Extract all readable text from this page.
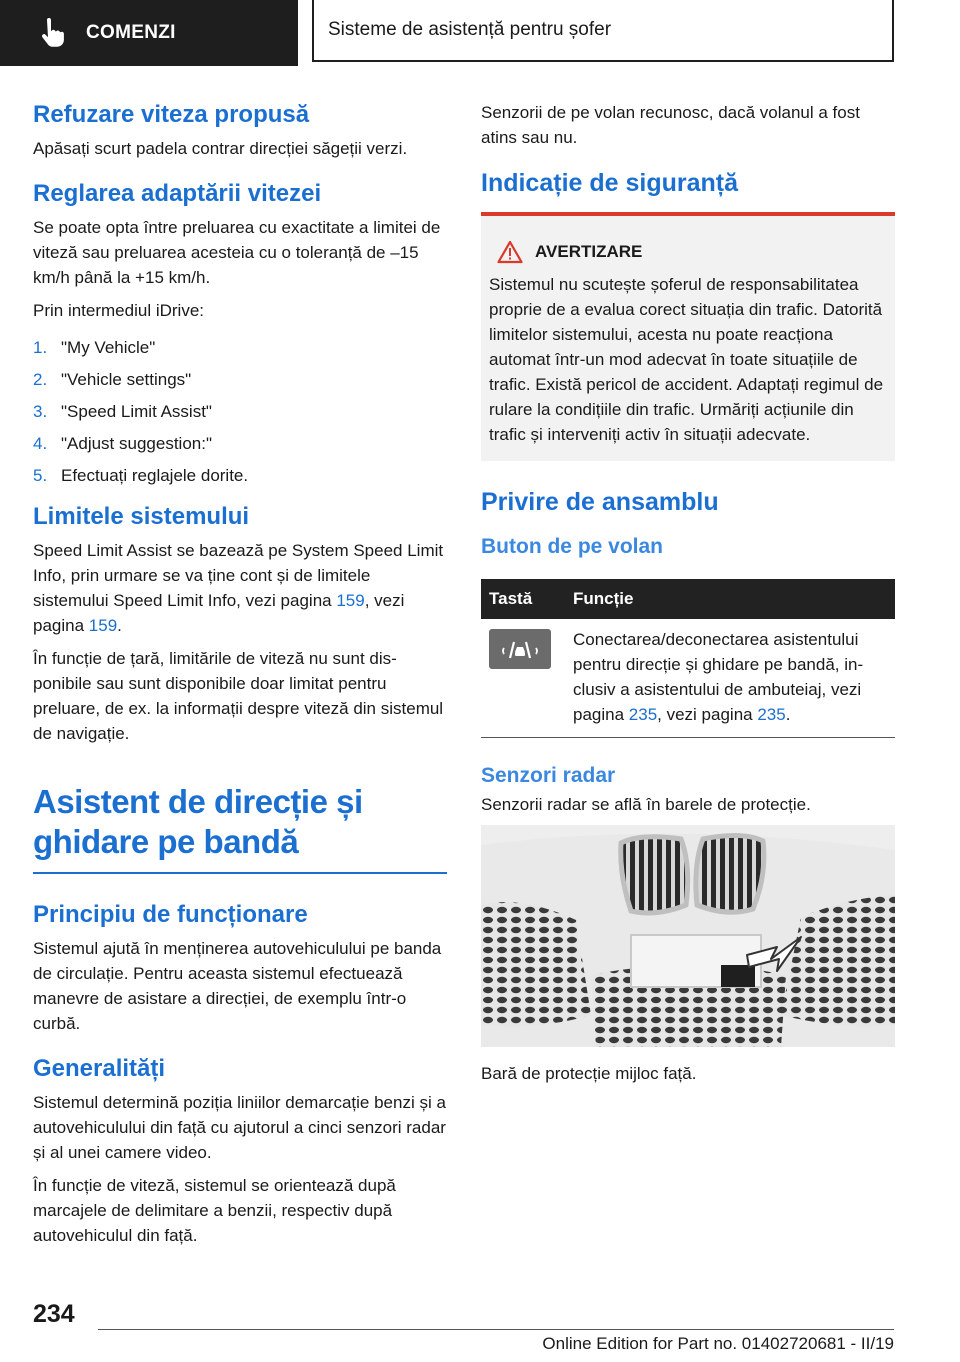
COMENZI	Sisteme de asistență pentru șofer
Refuzare viteza propusă

Apăsați scurt padela contrar direcției săgeții verzi.

Reglarea adaptării vitezei

Se poate opta între preluarea cu exactitate a limitei de viteză sau preluarea acesteia cu o toleranță de –15 km/h până la +15 km/h.

Prin intermediul iDrive:

1. "My Vehicle"
2. "Vehicle settings"
3. "Speed Limit Assist"
4. "Adjust suggestion:"
5. Efectuați reglajele dorite.
Limitele sistemului

Speed Limit Assist se bazează pe System Speed Limit Info, prin urmare se va ține cont și de limitele sistemului Speed Limit Info, vezi pagina 159, vezi pagina 159.

În funcție de țară, limitările de viteză nu sunt disponibile sau sunt disponibile doar limitat pentru preluare, de ex. la informații despre viteză din sistemul de navigație.

Asistent de direcție și
ghidare pe bandă
Principiu de funcționare

Sistemul ajută în menținerea autovehiculului pe banda de circulație. Pentru aceasta sistemul efectuează manevre de asistare a direcției, de exemplu într-o curbă.

Generalități

Sistemul determină poziția liniilor demarcație benzi și a autovehiculului din față cu ajutorul a cinci senzori radar și al unei camere video.

În funcție de viteză, sistemul se orientează după marcajele de delimitare a benzii, respectiv după autovehiculul din față.

Senzorii de pe volan recunosc, dacă volanul a fost atins sau nu.

Indicație de siguranță
AVERTIZARE

Sistemul nu scutește șoferul de responsabilitatea proprie de a evalua corect situația din trafic. Datorită limitelor sistemului, acesta nu poate reacționa automat într-un mod adecvat în toate situațiile de trafic. Există pericol de accident. Adaptați regimul de rulare la condițiile din trafic. Urmăriți acțiunile din trafic și interveniți activ în situații adecvate.

Privire de ansamblu
Buton de pe volan
Tastă	Funcție

	Conectarea/deconectarea asistentului pentru direcție și ghidare pe bandă, inclusiv a asistentului de ambuteiaj, vezi pagina 235, vezi pagina 235.
Senzori radar

Senzorii radar se află în barele de protecție.

Bară de protecție mijloc față.

234
Online Edition for Part no. 01402720681 - II/19
